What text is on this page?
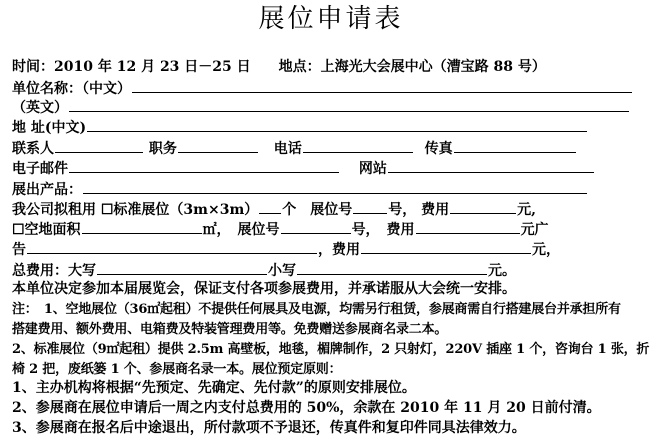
展位申请表
时间：2010 年 12 月 23 日－25 日　　地点：上海光大会展中心（漕宝路 88 号）
单位名称：（中文）
（英文）
地 址(中文)
联系人	职务	电话	传真
电子邮件	网站
展出产品：
我公司拟租用 ☐标准展位（3m×3m） 个　展位号	号， 费用	元,
☐空地面积	㎡，　展位号	号，　费用	元广
告	，费用	元，
总费用：大写	小写	元。
本单位决定参加本届展览会，保证支付各项参展费用，并承诺服从大会统一安排。
注：　1、空地展位（36㎡起租）不提供任何展具及电源，均需另行租赁，参展商需自行搭建展台并承担所有
搭建费用、额外费用、电箱费及特装管理费用等。免费赠送参展商名录二本。
2、标准展位（9㎡起租）提供 2.5m 高壁板，地毯，楣牌制作，2 只射灯，220V 插座 1 个，咨询台 1 张，折
椅 2 把，废纸篓 1 个、参展商名录一本。展位预定原则：
1、主办机构将根据“先预定、先确定、先付款”的原则安排展位。
2、参展商在展位申请后一周之内支付总费用的 50%，余款在 2010 年 11 月 20 日前付清。
3、参展商在报名后中途退出，所付款项不予退还，传真件和复印件同具法律效力。
